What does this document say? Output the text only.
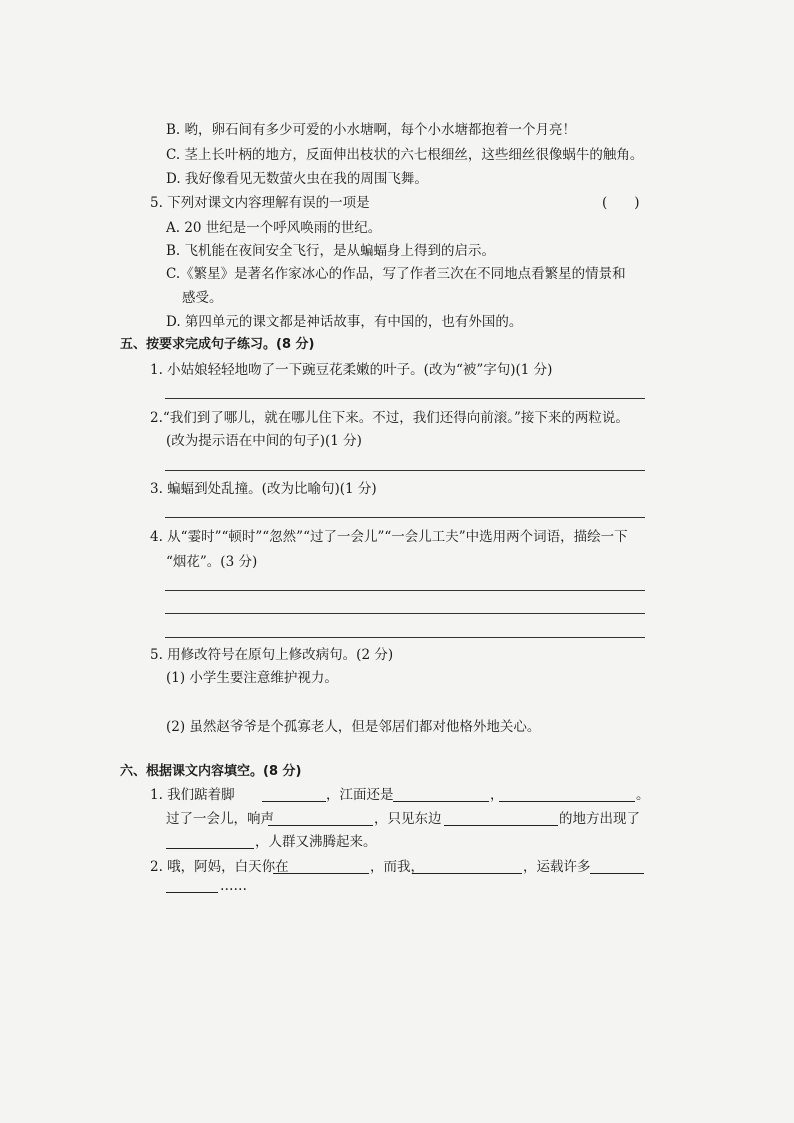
B. 哟，卵石间有多少可爱的小水塘啊，每个小水塘都抱着一个月亮！
C. 茎上长叶柄的地方，反面伸出枝状的六七根细丝，这些细丝很像蜗牛的触角。
D. 我好像看见无数萤火虫在我的周围飞舞。
5. 下列对课文内容理解有误的一项是	(　　)
A. 20 世纪是一个呼风唤雨的世纪。
B. 飞机能在夜间安全飞行，是从蝙蝠身上得到的启示。
C.《繁星》是著名作家冰心的作品，写了作者三次在不同地点看繁星的情景和
感受。
D. 第四单元的课文都是神话故事，有中国的，也有外国的。
五、按要求完成句子练习。(8 分)
1. 小姑娘轻轻地吻了一下豌豆花柔嫩的叶子。(改为“被”字句)(1 分)
2.“我们到了哪儿，就在哪儿住下来。不过，我们还得向前滚。”接下来的两粒说。
(改为提示语在中间的句子)(1 分)
3. 蝙蝠到处乱撞。(改为比喻句)(1 分)
4. 从“霎时”“顿时”“忽然”“过了一会儿”“一会儿工夫”中选用两个词语，描绘一下
“烟花”。(3 分)
5. 用修改符号在原句上修改病句。(2 分)
(1) 小学生要注意维护视力。
(2) 虽然赵爷爷是个孤寡老人，但是邻居们都对他格外地关心。
六、根据课文内容填空。(8 分)
1. 我们踮着脚	，江面还是	，	。
过了一会儿，响声	，只见东边	的地方出现了
，人群又沸腾起来。
2. 哦，阿妈，白天你在	，而我，	，运载许多
……
